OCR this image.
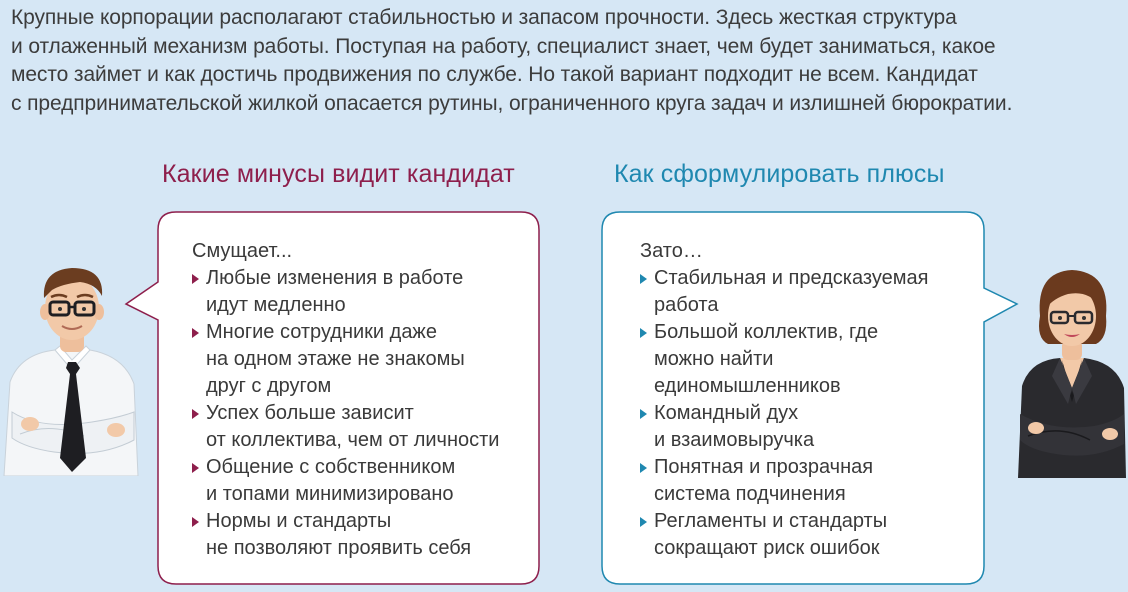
Крупные корпорации располагают стабильностью и запасом прочности. Здесь жесткая структура
и отлаженный механизм работы. Поступая на работу, специалист знает, чем будет заниматься, какое
место займет и как достичь продвижения по службе. Но такой вариант подходит не всем. Кандидат
с предпринимательской жилкой опасается рутины, ограниченного круга задач и излишней бюрократии.
Какие минусы видит кандидат	Как сформулировать плюсы
Смущает...
Любые изменения в работе
идут медленно
Многие сотрудники даже
на одном этаже не знакомы
друг с другом
Успех больше зависит
от коллектива, чем от личности
Общение с собственником
и топами минимизировано
Нормы и стандарты
не позволяют проявить себя
Зато…
Стабильная и предсказуемая
работа
Большой коллектив, где
можно найти
единомышленников
Командный дух
и взаимовыручка
Понятная и прозрачная
система подчинения
Регламенты и стандарты
сокращают риск ошибок
